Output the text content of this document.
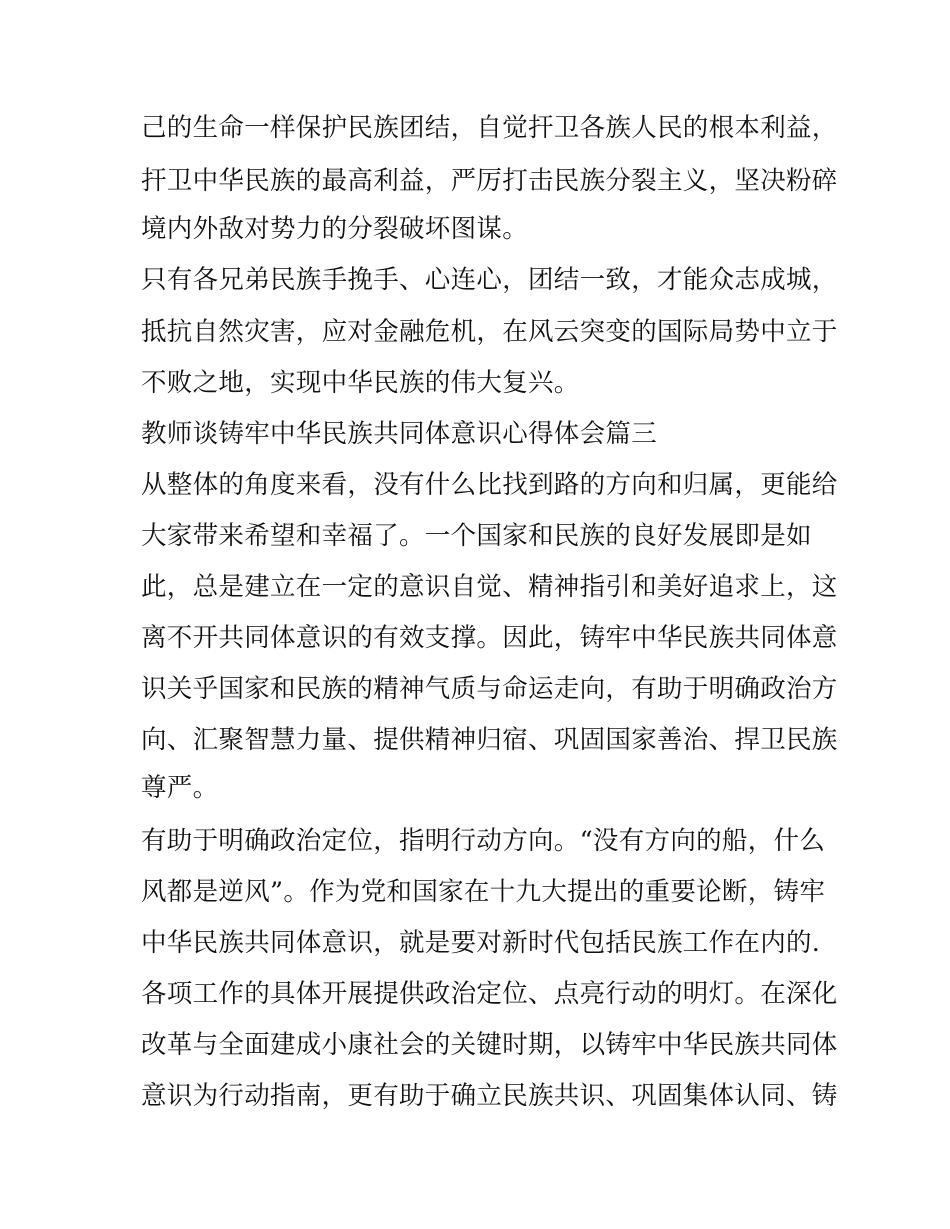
己的生命一样保护民族团结，自觉扞卫各族人民的根本利益，
扞卫中华民族的最高利益，严厉打击民族分裂主义，坚决粉碎
境内外敌对势力的分裂破坏图谋。
只有各兄弟民族手挽手、心连心，团结一致，才能众志成城，
抵抗自然灾害，应对金融危机，在风云突变的国际局势中立于
不败之地，实现中华民族的伟大复兴。
教师谈铸牢中华民族共同体意识心得体会篇三
从整体的角度来看，没有什么比找到路的方向和归属，更能给
大家带来希望和幸福了。一个国家和民族的良好发展即是如
此，总是建立在一定的意识自觉、精神指引和美好追求上，这
离不开共同体意识的有效支撑。因此，铸牢中华民族共同体意
识关乎国家和民族的精神气质与命运走向，有助于明确政治方
向、汇聚智慧力量、提供精神归宿、巩固国家善治、捍卫民族
尊严。
有助于明确政治定位，指明行动方向。“没有方向的船，什么
风都是逆风”。作为党和国家在十九大提出的重要论断，铸牢
中华民族共同体意识，就是要对新时代包括民族工作在内的.
各项工作的具体开展提供政治定位、点亮行动的明灯。在深化
改革与全面建成小康社会的关键时期，以铸牢中华民族共同体
意识为行动指南，更有助于确立民族共识、巩固集体认同、铸
